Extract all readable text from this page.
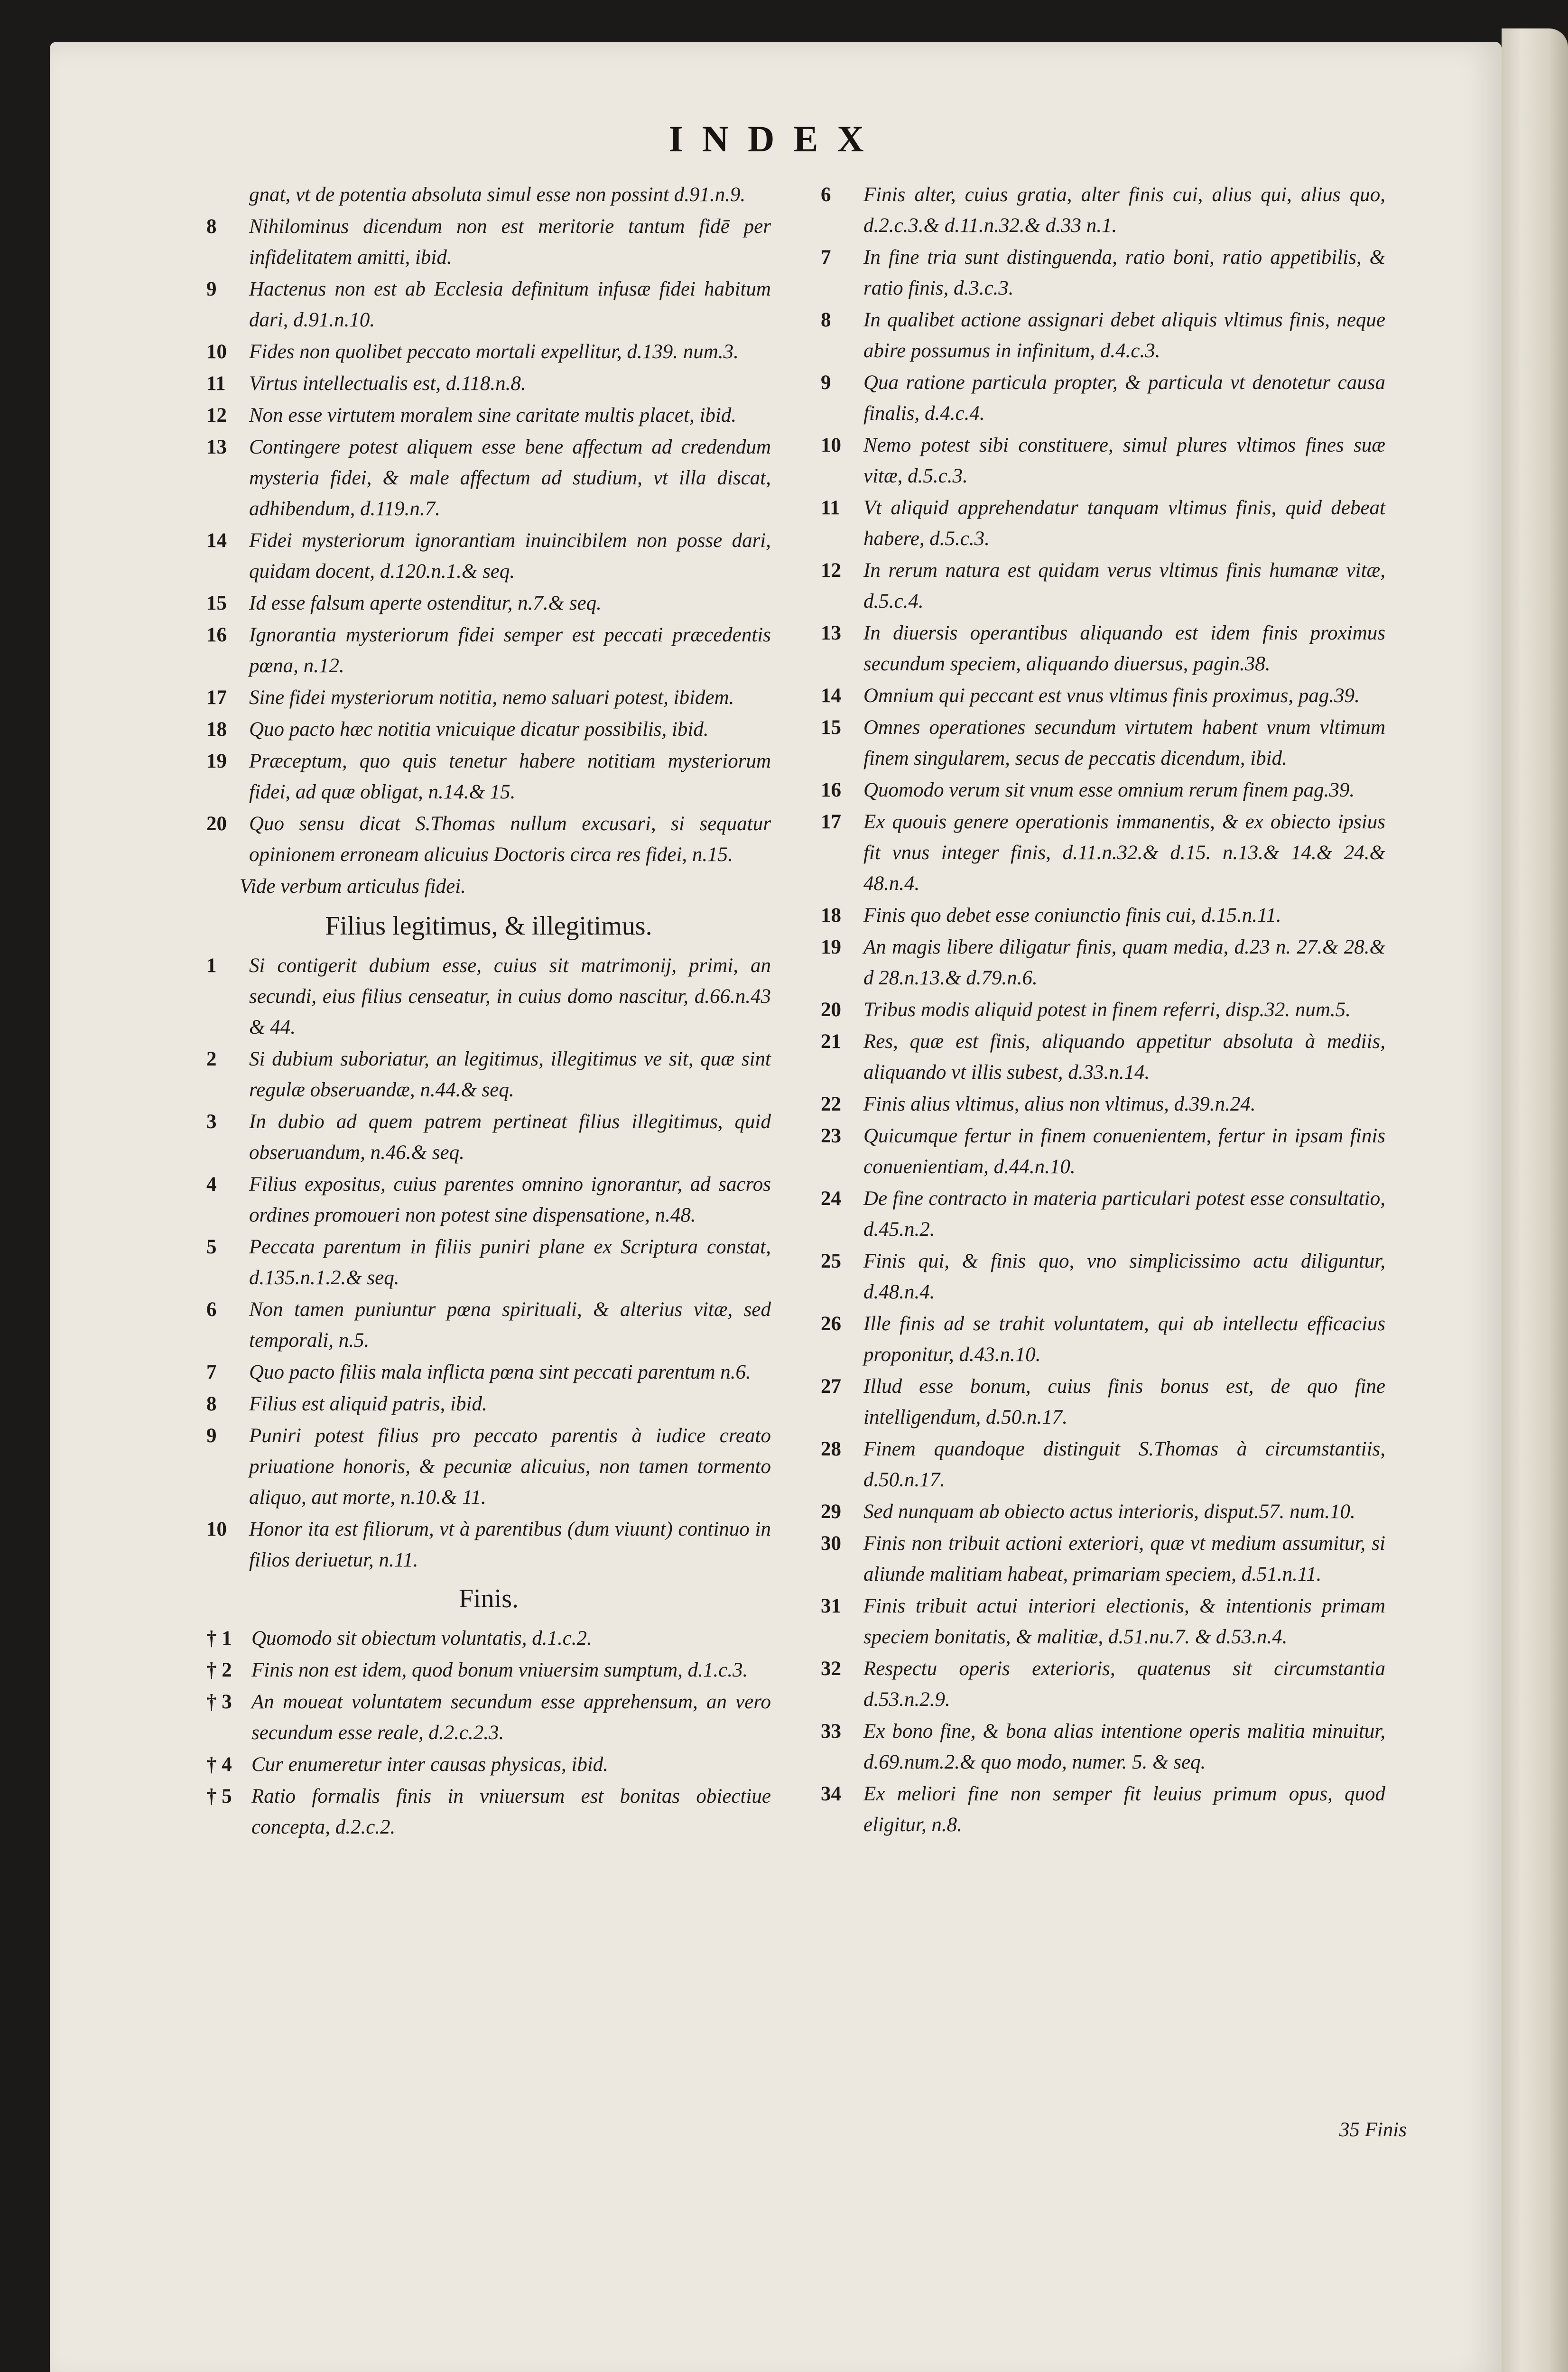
INDEX
gnat, vt de potentia absoluta simul esse non possint d.91.n.9.
8	Nihilominus dicendum non est meritorie tantum fidē per infidelitatem amitti, ibid.
9	Hactenus non est ab Ecclesia definitum infusæ fidei habitum dari, d.91.n.10.
10	Fides non quolibet peccato mortali expellitur, d.139. num.3.
11	Virtus intellectualis est, d.118.n.8.
12	Non esse virtutem moralem sine caritate multis placet, ibid.
13	Contingere potest aliquem esse bene affectum ad credendum mysteria fidei, & male affectum ad studium, vt illa discat, adhibendum, d.119.n.7.
14	Fidei mysteriorum ignorantiam inuincibilem non posse dari, quidam docent, d.120.n.1.& seq.
15	Id esse falsum aperte ostenditur, n.7.& seq.
16	Ignorantia mysteriorum fidei semper est peccati præcedentis pœna, n.12.
17	Sine fidei mysteriorum notitia, nemo saluari potest, ibidem.
18	Quo pacto hæc notitia vnicuique dicatur possibilis, ibid.
19	Præceptum, quo quis tenetur habere notitiam mysteriorum fidei, ad quæ obligat, n.14.& 15.
20	Quo sensu dicat S.Thomas nullum excusari, si sequatur opinionem erroneam alicuius Doctoris circa res fidei, n.15.
Vide verbum articulus fidei.
Filius legitimus, & illegitimus.
1	Si contigerit dubium esse, cuius sit matrimonij, primi, an secundi, eius filius censeatur, in cuius domo nascitur, d.66.n.43 & 44.
2	Si dubium suboriatur, an legitimus, illegitimus ve sit, quæ sint regulæ obseruandæ, n.44.& seq.
3	In dubio ad quem patrem pertineat filius illegitimus, quid obseruandum, n.46.& seq.
4	Filius expositus, cuius parentes omnino ignorantur, ad sacros ordines promoueri non potest sine dispensatione, n.48.
5	Peccata parentum in filiis puniri plane ex Scriptura constat, d.135.n.1.2.& seq.
6	Non tamen puniuntur pœna spirituali, & alterius vitæ, sed temporali, n.5.
7	Quo pacto filiis mala inflicta pœna sint peccati parentum n.6.
8	Filius est aliquid patris, ibid.
9	Puniri potest filius pro peccato parentis à iudice creato priuatione honoris, & pecuniæ alicuius, non tamen tormento aliquo, aut morte, n.10.& 11.
10	Honor ita est filiorum, vt à parentibus (dum viuunt) continuo in filios deriuetur, n.11.
Finis.
† 1 Quomodo sit obiectum voluntatis, d.1.c.2.
† 2 Finis non est idem, quod bonum vniuersim sumptum, d.1.c.3.
† 3 An moueat voluntatem secundum esse apprehensum, an vero secundum esse reale, d.2.c.2.3.
† 4 Cur enumeretur inter causas physicas, ibid.
† 5 Ratio formalis finis in vniuersum est bonitas obiectiue concepta, d.2.c.2.
6	Finis alter, cuius gratia, alter finis cui, alius qui, alius quo, d.2.c.3.& d.11.n.32.& d.33 n.1.
7	In fine tria sunt distinguenda, ratio boni, ratio appetibilis, & ratio finis, d.3.c.3.
8	In qualibet actione assignari debet aliquis vltimus finis, neque abire possumus in infinitum, d.4.c.3.
9	Qua ratione particula propter, & particula vt denotetur causa finalis, d.4.c.4.
10	Nemo potest sibi constituere, simul plures vltimos fines suæ vitæ, d.5.c.3.
11	Vt aliquid apprehendatur tanquam vltimus finis, quid debeat habere, d.5.c.3.
12	In rerum natura est quidam verus vltimus finis humanæ vitæ, d.5.c.4.
13	In diuersis operantibus aliquando est idem finis proximus secundum speciem, aliquando diuersus, pagin.38.
14	Omnium qui peccant est vnus vltimus finis proximus, pag.39.
15	Omnes operationes secundum virtutem habent vnum vltimum finem singularem, secus de peccatis dicendum, ibid.
16	Quomodo verum sit vnum esse omnium rerum finem pag.39.
17	Ex quouis genere operationis immanentis, & ex obiecto ipsius fit vnus integer finis, d.11.n.32.& d.15. n.13.& 14.& 24.& 48.n.4.
18	Finis quo debet esse coniunctio finis cui, d.15.n.11.
19	An magis libere diligatur finis, quam media, d.23 n. 27.& 28.& d 28.n.13.& d.79.n.6.
20	Tribus modis aliquid potest in finem referri, disp.32. num.5.
21	Res, quæ est finis, aliquando appetitur absoluta à mediis, aliquando vt illis subest, d.33.n.14.
22	Finis alius vltimus, alius non vltimus, d.39.n.24.
23	Quicumque fertur in finem conuenientem, fertur in ipsam finis conuenientiam, d.44.n.10.
24	De fine contracto in materia particulari potest esse consultatio, d.45.n.2.
25	Finis qui, & finis quo, vno simplicissimo actu diliguntur, d.48.n.4.
26	Ille finis ad se trahit voluntatem, qui ab intellectu efficacius proponitur, d.43.n.10.
27	Illud esse bonum, cuius finis bonus est, de quo fine intelligendum, d.50.n.17.
28	Finem quandoque distinguit S.Thomas à circumstantiis, d.50.n.17.
29	Sed nunquam ab obiecto actus interioris, disput.57. num.10.
30	Finis non tribuit actioni exteriori, quæ vt medium assumitur, si aliunde malitiam habeat, primariam speciem, d.51.n.11.
31	Finis tribuit actui interiori electionis, & intentionis primam speciem bonitatis, & malitiæ, d.51.nu.7. & d.53.n.4.
32	Respectu operis exterioris, quatenus sit circumstantia d.53.n.2.9.
33	Ex bono fine, & bona alias intentione operis malitia minuitur, d.69.num.2.& quo modo, numer. 5. & seq.
34	Ex meliori fine non semper fit leuius primum opus, quod eligitur, n.8.
35 Finis
